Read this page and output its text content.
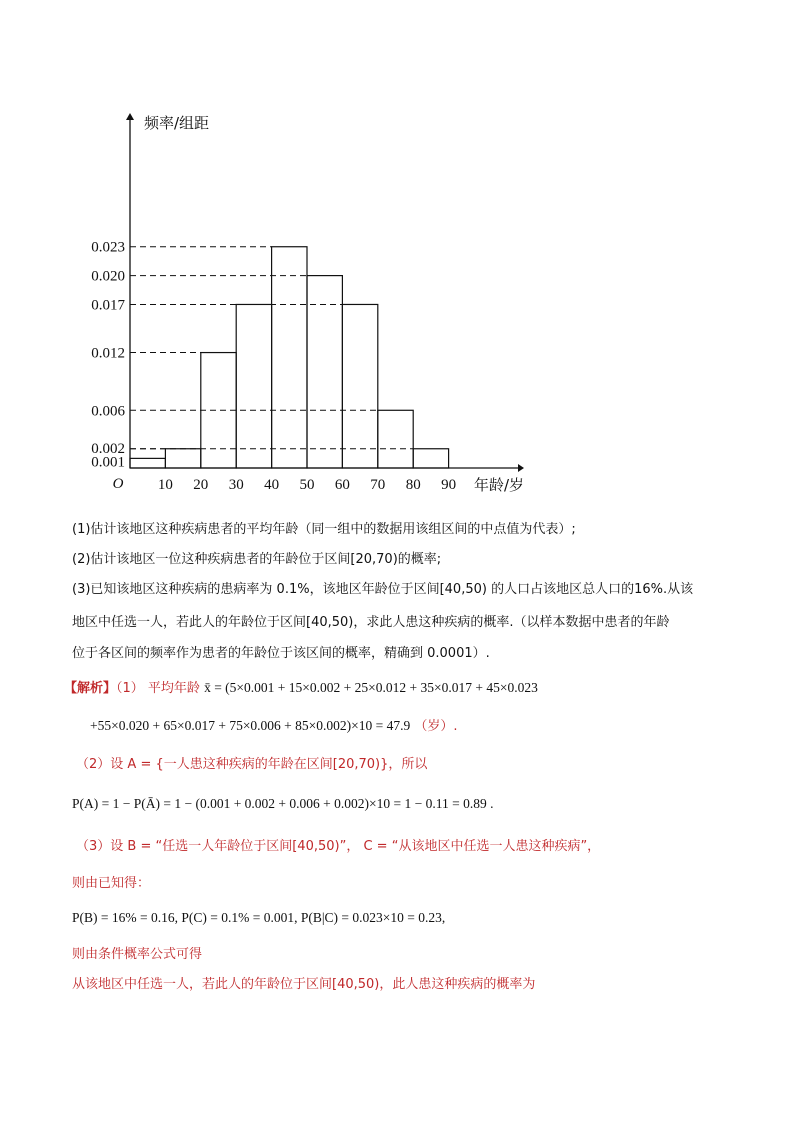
0.001
0.002
0.006
0.012
0.017
0.020
0.023
10 20 30 40 50 60 70 80 90
O
频率/组距
年龄/岁
(1)估计该地区这种疾病患者的平均年龄（同一组中的数据用该组区间的中点值为代表）;
(2)估计该地区一位这种疾病患者的年龄位于区间[20,70)的概率;
(3)已知该地区这种疾病的患病率为 0.1%，该地区年龄位于区间[40,50) 的人口占该地区总人口的16%.从该
地区中任选一人，若此人的年龄位于区间[40,50)，求此人患这种疾病的概率.（以样本数据中患者的年龄
位于各区间的频率作为患者的年龄位于该区间的概率，精确到 0.0001）.
【解析】（1） 平均年龄 x̄ = (5×0.001 + 15×0.002 + 25×0.012 + 35×0.017 + 45×0.023
+55×0.020 + 65×0.017 + 75×0.006 + 85×0.002)×10 = 47.9 （岁）.
（2）设 A = {一人患这种疾病的年龄在区间[20,70)}，所以
P(A) = 1 − P(Ā) = 1 − (0.001 + 0.002 + 0.006 + 0.002)×10 = 1 − 0.11 = 0.89 .
（3）设 B = “任选一人年龄位于区间[40,50)”， C = “从该地区中任选一人患这种疾病”，
则由已知得：
P(B) = 16% = 0.16, P(C) = 0.1% = 0.001, P(B|C) = 0.023×10 = 0.23,
则由条件概率公式可得
从该地区中任选一人，若此人的年龄位于区间[40,50)，此人患这种疾病的概率为
